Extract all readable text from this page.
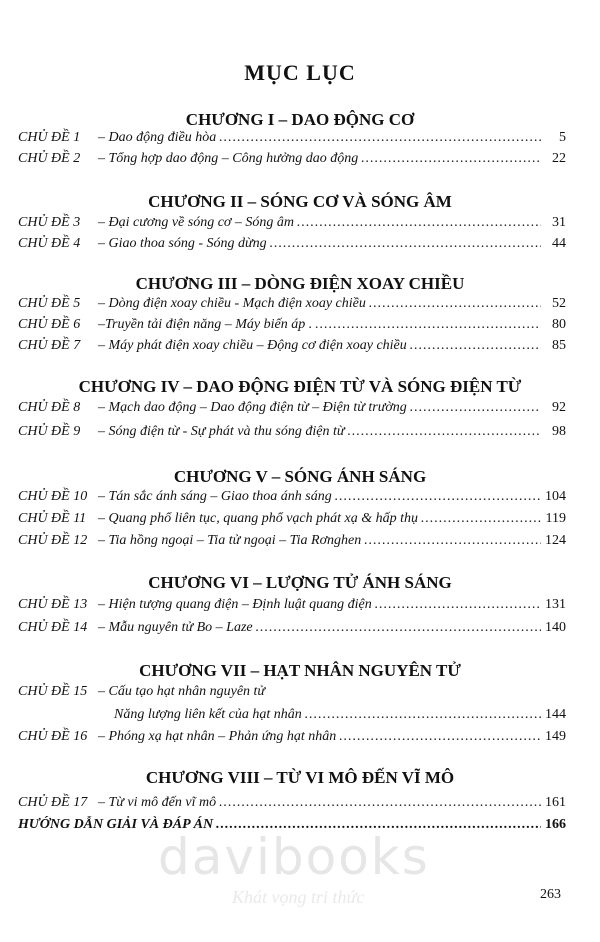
MỤC LỤC
CHƯƠNG I – DAO ĐỘNG CƠ
CHỦ ĐỀ 1	– Dao động điều hòa .....	5
CHỦ ĐỀ 2	– Tổng hợp dao động – Công hưởng dao động .....	22
CHƯƠNG II – SÓNG CƠ VÀ SÓNG ÂM
CHỦ ĐỀ 3	– Đại cương về sóng cơ – Sóng âm .....	31
CHỦ ĐỀ 4	– Giao thoa sóng - Sóng dừng .....	44
CHƯƠNG III – DÒNG ĐIỆN XOAY CHIỀU
CHỦ ĐỀ 5	– Dòng điện xoay chiều - Mạch điện xoay chiều .....	52
CHỦ ĐỀ 6	–Truyền tải điện năng – Máy biến áp . .....	80
CHỦ ĐỀ 7	– Máy phát điện xoay chiều – Động cơ điện xoay chiều .....	85
CHƯƠNG IV – DAO ĐỘNG ĐIỆN TỪ VÀ SÓNG ĐIỆN TỪ
CHỦ ĐỀ 8	– Mạch dao động – Dao động điện từ – Điện từ trường .....	92
CHỦ ĐỀ 9	– Sóng điện từ - Sự phát và thu sóng điện từ .....	98
CHƯƠNG V – SÓNG ÁNH SÁNG
CHỦ ĐỀ 10 – Tán sắc ánh sáng – Giao thoa ánh sáng .....	104
CHỦ ĐỀ 11 – Quang phổ liên tục, quang phổ vạch phát xạ & hấp thụ .....	119
CHỦ ĐỀ 12 – Tia hồng ngoại – Tia tử ngoại – Tia Rơnghen .....	124
CHƯƠNG VI – LƯỢNG TỬ ÁNH SÁNG
CHỦ ĐỀ 13 – Hiện tượng quang điện – Định luật quang điện .....	131
CHỦ ĐỀ 14 – Mẫu nguyên tử Bo – Laze .....	140
CHƯƠNG VII – HẠT NHÂN NGUYÊN TỬ
CHỦ ĐỀ 15 – Cấu tạo hạt nhân nguyên tử
Năng lượng liên kết của hạt nhân .....	144
CHỦ ĐỀ 16 – Phóng xạ hạt nhân – Phản ứng hạt nhân .....	149
CHƯƠNG VIII – TỪ VI MÔ ĐẾN VĨ MÔ
CHỦ ĐỀ 17 – Từ vi mô đến vĩ mô .....	161
HƯỚNG DẪN GIẢI VÀ ĐÁP ÁN .....	166
davibooks
Khát vọng tri thức	263
